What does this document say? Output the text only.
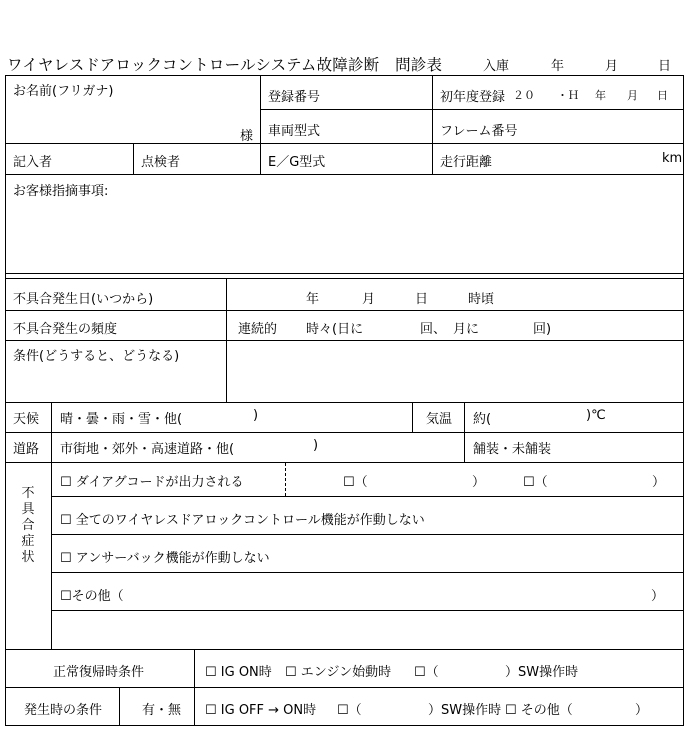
ワイヤレスドアロックコントロールシステム故障診断　問診表	入庫	年	月	日
お名前(フリガナ)
様
登録番号	初年度登録 ２０　　・Ｈ 年 月 日
車両型式	フレーム番号
記入者	点検者	E／G型式	走行距離	km
お客様指摘事項:
不具合発生日(いつから)	年	月	日	時頃
不具合発生の頻度	連続的 時々(日に	回、 月に	回)
条件(どうすると、どうなる)
天候 晴・曇・雨・雪・他(	)	気温 約(	)℃
道路 市街地・郊外・高速道路・他(	)	舗装・未舗装
不具合症状
☐ ダイアグコードが出力される	☐（	）	☐（	）
☐ 全てのワイヤレスドアロックコントロール機能が作動しない
☐ アンサーバック機能が作動しない
☐その他（	）
正常復帰時条件	☐ IG ON時 ☐ エンジン始動時 ☐（	）SW操作時
発生時の条件	有・無 ☐ IG OFF → ON時 ☐（	）SW操作時 ☐ その他（	）
